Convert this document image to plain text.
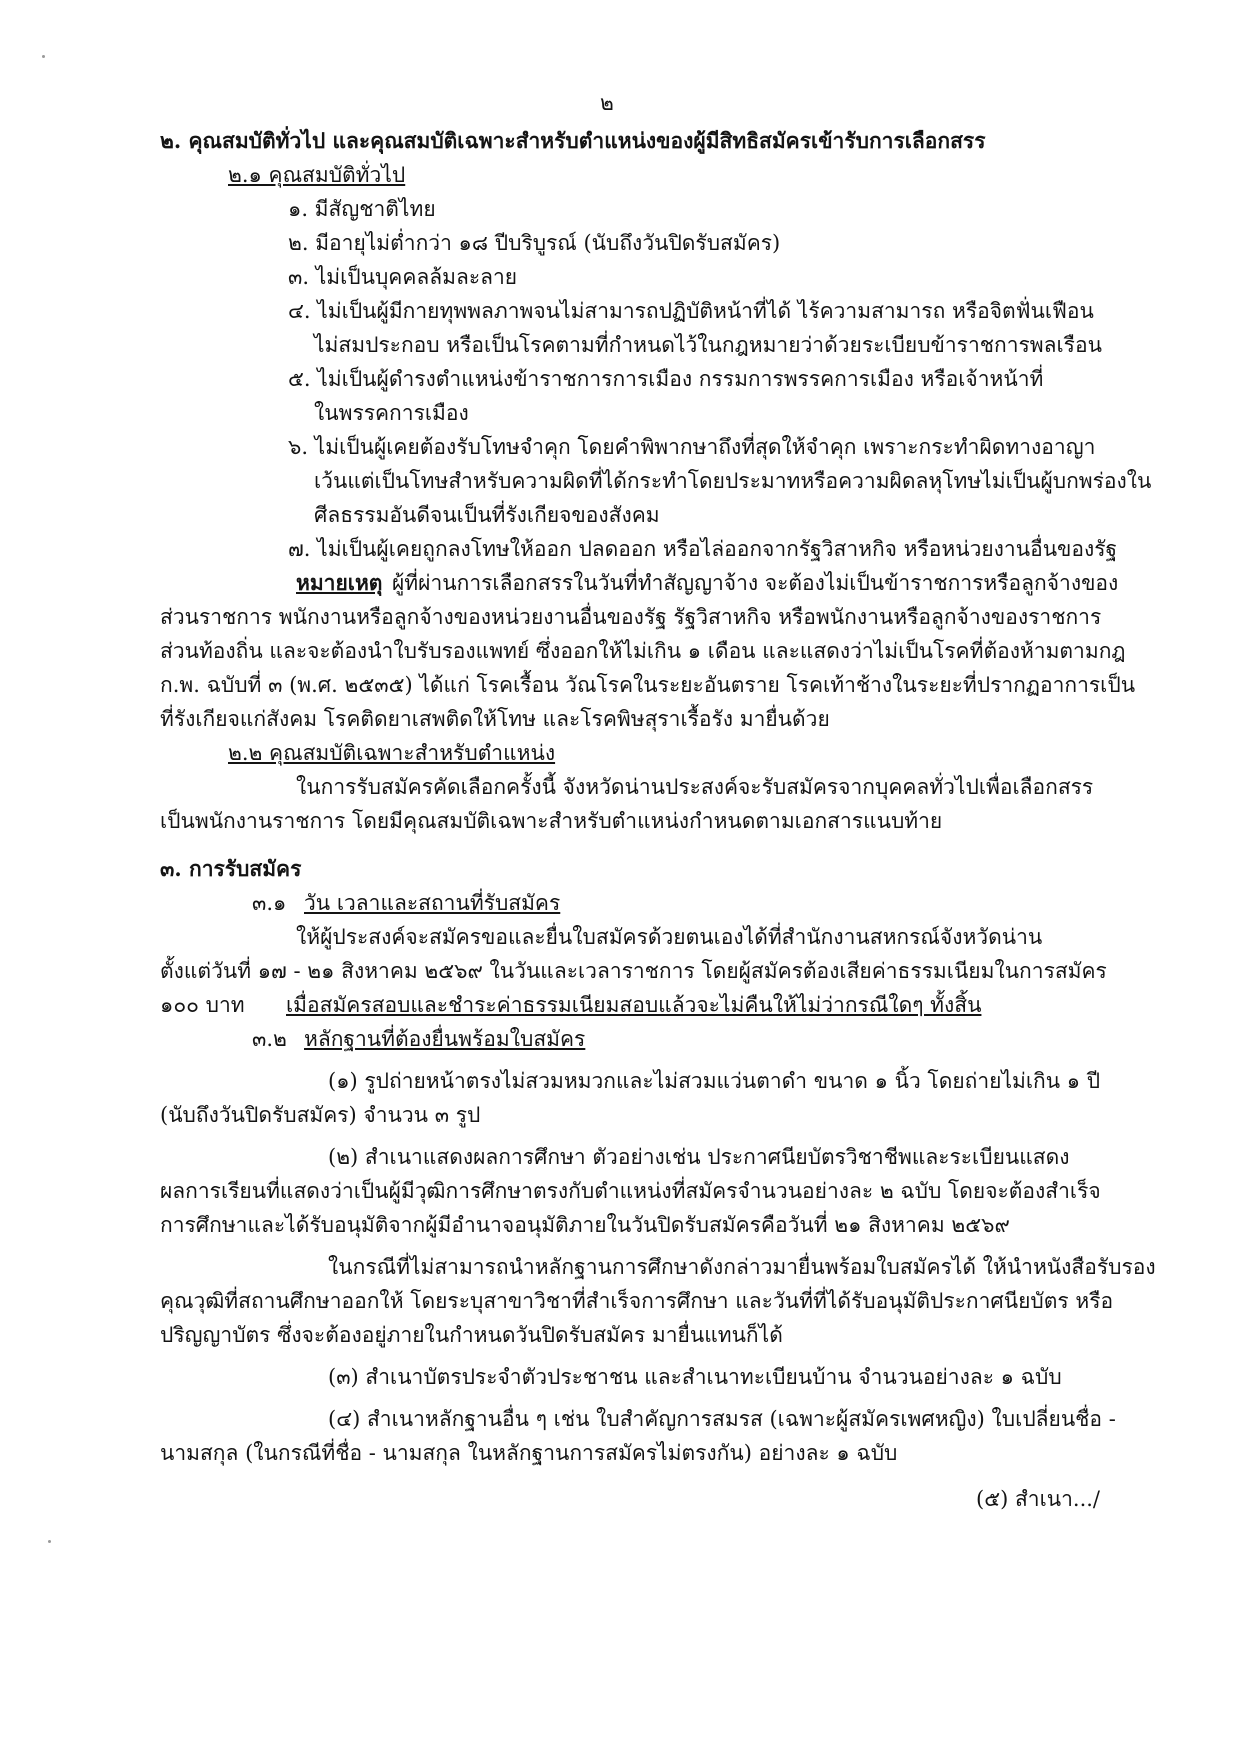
๒
๒. คุณสมบัติทั่วไป และคุณสมบัติเฉพาะสำหรับตำแหน่งของผู้มีสิทธิสมัครเข้ารับการเลือกสรร
๒.๑ คุณสมบัติทั่วไป
๑. มีสัญชาติไทย
๒. มีอายุไม่ต่ำกว่า ๑๘ ปีบริบูรณ์ (นับถึงวันปิดรับสมัคร)
๓. ไม่เป็นบุคคลล้มละลาย
๔. ไม่เป็นผู้มีกายทุพพลภาพจนไม่สามารถปฏิบัติหน้าที่ได้ ไร้ความสามารถ หรือจิตฟั่นเฟือน
ไม่สมประกอบ หรือเป็นโรคตามที่กำหนดไว้ในกฎหมายว่าด้วยระเบียบข้าราชการพลเรือน
๕. ไม่เป็นผู้ดำรงตำแหน่งข้าราชการการเมือง กรรมการพรรคการเมือง หรือเจ้าหน้าที่
ในพรรคการเมือง
๖. ไม่เป็นผู้เคยต้องรับโทษจำคุก โดยคำพิพากษาถึงที่สุดให้จำคุก เพราะกระทำผิดทางอาญา
เว้นแต่เป็นโทษสำหรับความผิดที่ได้กระทำโดยประมาทหรือความผิดลหุโทษไม่เป็นผู้บกพร่องใน
ศีลธรรมอันดีจนเป็นที่รังเกียจของสังคม
๗. ไม่เป็นผู้เคยถูกลงโทษให้ออก ปลดออก หรือไล่ออกจากรัฐวิสาหกิจ หรือหน่วยงานอื่นของรัฐ
หมายเหตุ ผู้ที่ผ่านการเลือกสรรในวันที่ทำสัญญาจ้าง จะต้องไม่เป็นข้าราชการหรือลูกจ้างของ
ส่วนราชการ พนักงานหรือลูกจ้างของหน่วยงานอื่นของรัฐ รัฐวิสาหกิจ หรือพนักงานหรือลูกจ้างของราชการ
ส่วนท้องถิ่น และจะต้องนำใบรับรองแพทย์ ซึ่งออกให้ไม่เกิน ๑ เดือน และแสดงว่าไม่เป็นโรคที่ต้องห้ามตามกฎ
ก.พ. ฉบับที่ ๓ (พ.ศ. ๒๕๓๕) ได้แก่ โรคเรื้อน วัณโรคในระยะอันตราย โรคเท้าช้างในระยะที่ปรากฏอาการเป็น
ที่รังเกียจแก่สังคม โรคติดยาเสพติดให้โทษ และโรคพิษสุราเรื้อรัง มายื่นด้วย
๒.๒ คุณสมบัติเฉพาะสำหรับตำแหน่ง
ในการรับสมัครคัดเลือกครั้งนี้ จังหวัดน่านประสงค์จะรับสมัครจากบุคคลทั่วไปเพื่อเลือกสรร
เป็นพนักงานราชการ โดยมีคุณสมบัติเฉพาะสำหรับตำแหน่งกำหนดตามเอกสารแนบท้าย
๓. การรับสมัคร
๓.๑ วัน เวลาและสถานที่รับสมัคร
ให้ผู้ประสงค์จะสมัครขอและยื่นใบสมัครด้วยตนเองได้ที่สำนักงานสหกรณ์จังหวัดน่าน
ตั้งแต่วันที่ ๑๗ - ๒๑ สิงหาคม ๒๕๖๙ ในวันและเวลาราชการ โดยผู้สมัครต้องเสียค่าธรรมเนียมในการสมัคร
๑๐๐ บาท เมื่อสมัครสอบและชำระค่าธรรมเนียมสอบแล้วจะไม่คืนให้ไม่ว่ากรณีใดๆ ทั้งสิ้น
๓.๒ หลักฐานที่ต้องยื่นพร้อมใบสมัคร
(๑) รูปถ่ายหน้าตรงไม่สวมหมวกและไม่สวมแว่นตาดำ ขนาด ๑ นิ้ว โดยถ่ายไม่เกิน ๑ ปี
(นับถึงวันปิดรับสมัคร) จำนวน ๓ รูป
(๒) สำเนาแสดงผลการศึกษา ตัวอย่างเช่น ประกาศนียบัตรวิชาชีพและระเบียนแสดง
ผลการเรียนที่แสดงว่าเป็นผู้มีวุฒิการศึกษาตรงกับตำแหน่งที่สมัครจำนวนอย่างละ ๒ ฉบับ โดยจะต้องสำเร็จ
การศึกษาและได้รับอนุมัติจากผู้มีอำนาจอนุมัติภายในวันปิดรับสมัครคือวันที่ ๒๑ สิงหาคม ๒๕๖๙
ในกรณีที่ไม่สามารถนำหลักฐานการศึกษาดังกล่าวมายื่นพร้อมใบสมัครได้ ให้นำหนังสือรับรอง
คุณวุฒิที่สถานศึกษาออกให้ โดยระบุสาขาวิชาที่สำเร็จการศึกษา และวันที่ที่ได้รับอนุมัติประกาศนียบัตร หรือ
ปริญญาบัตร ซึ่งจะต้องอยู่ภายในกำหนดวันปิดรับสมัคร มายื่นแทนก็ได้
(๓) สำเนาบัตรประจำตัวประชาชน และสำเนาทะเบียนบ้าน จำนวนอย่างละ ๑ ฉบับ
(๔) สำเนาหลักฐานอื่น ๆ เช่น ใบสำคัญการสมรส (เฉพาะผู้สมัครเพศหญิง) ใบเปลี่ยนชื่อ -
นามสกุล (ในกรณีที่ชื่อ - นามสกุล ในหลักฐานการสมัครไม่ตรงกัน) อย่างละ ๑ ฉบับ
(๕) สำเนา.../
